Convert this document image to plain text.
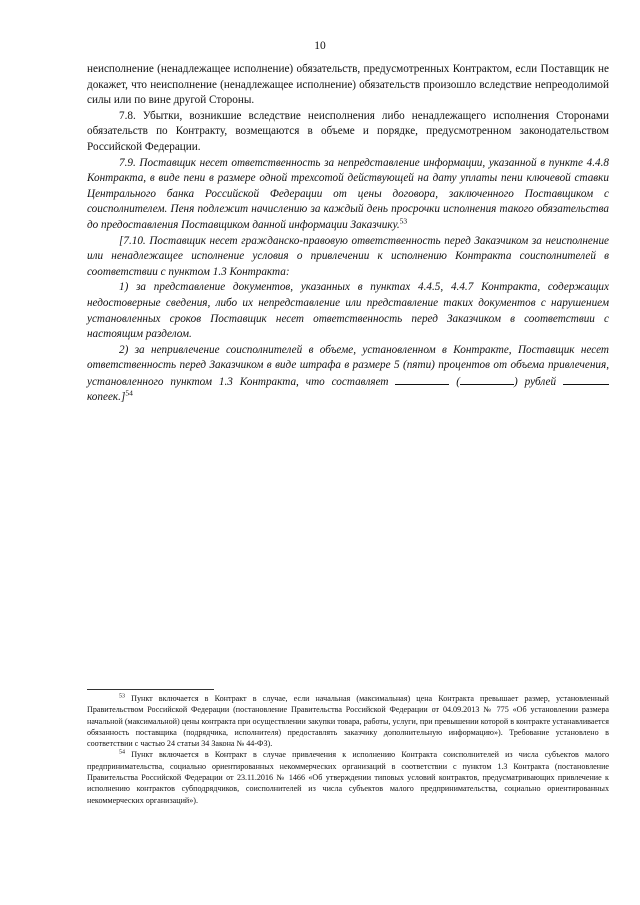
10

неисполнение (ненадлежащее исполнение) обязательств, предусмотренных Контрактом, если Поставщик не докажет, что неисполнение (ненадлежащее исполнение) обязательств произошло вследствие непреодолимой силы или по вине другой Стороны.

7.8. Убытки, возникшие вследствие неисполнения либо ненадлежащего исполнения Сторонами обязательств по Контракту, возмещаются в объеме и порядке, предусмотренном законодательством Российской Федерации.

7.9. Поставщик несет ответственность за непредставление информации, указанной в пункте 4.4.8 Контракта, в виде пени в размере одной трехсотой действующей на дату уплаты пени ключевой ставки Центрального банка Российской Федерации от цены договора, заключенного Поставщиком с соисполнителем. Пеня подлежит начислению за каждый день просрочки исполнения такого обязательства до предоставления Поставщиком данной информации Заказчику.$^{53}$

[7.10. Поставщик несет гражданско-правовую ответственность перед Заказчиком за неисполнение или ненадлежащее исполнение условия о привлечении к исполнению Контракта соисполнителей в соответствии с пунктом 1.3 Контракта:

1) за представление документов, указанных в пунктах 4.4.5, 4.4.7 Контракта, содержащих недостоверные сведения, либо их непредставление или представление таких документов с нарушением установленных сроков Поставщик несет ответственность перед Заказчиком в соответствии с настоящим разделом.

2) за непривлечение соисполнителей в объеме, установленном в Контракте, Поставщик несет ответственность перед Заказчиком в виде штрафа в размере 5 (пяти) процентов от объема привлечения, установленного пунктом 1.3 Контракта, что составляет	(	) рублей  копеек.]$^{54}$

$^{53}$ Пункт включается в Контракт в случае, если начальная (максимальная) цена Контракта превышает размер, установленный Правительством Российской Федерации (постановление Правительства Российской Федерации от 04.09.2013 № 775 «Об установлении размера начальной (максимальной) цены контракта при осуществлении закупки товара, работы, услуги, при превышении которой в контракте устанавливается обязанность поставщика (подрядчика, исполнителя) предоставлять заказчику дополнительную информацию»). Требование установлено в соответствии с частью 24 статьи 34 Закона № 44-ФЗ).

$^{54}$ Пункт включается в Контракт в случае привлечения к исполнению Контракта соисполнителей из числа субъектов малого предпринимательства, социально ориентированных некоммерческих организаций в соответствии с пунктом 1.3 Контракта (постановление Правительства Российской Федерации от 23.11.2016 № 1466 «Об утверждении типовых условий контрактов, предусматривающих привлечение к исполнению контрактов субподрядчиков, соисполнителей из числа субъектов малого предпринимательства, социально ориентированных некоммерческих организаций»).
